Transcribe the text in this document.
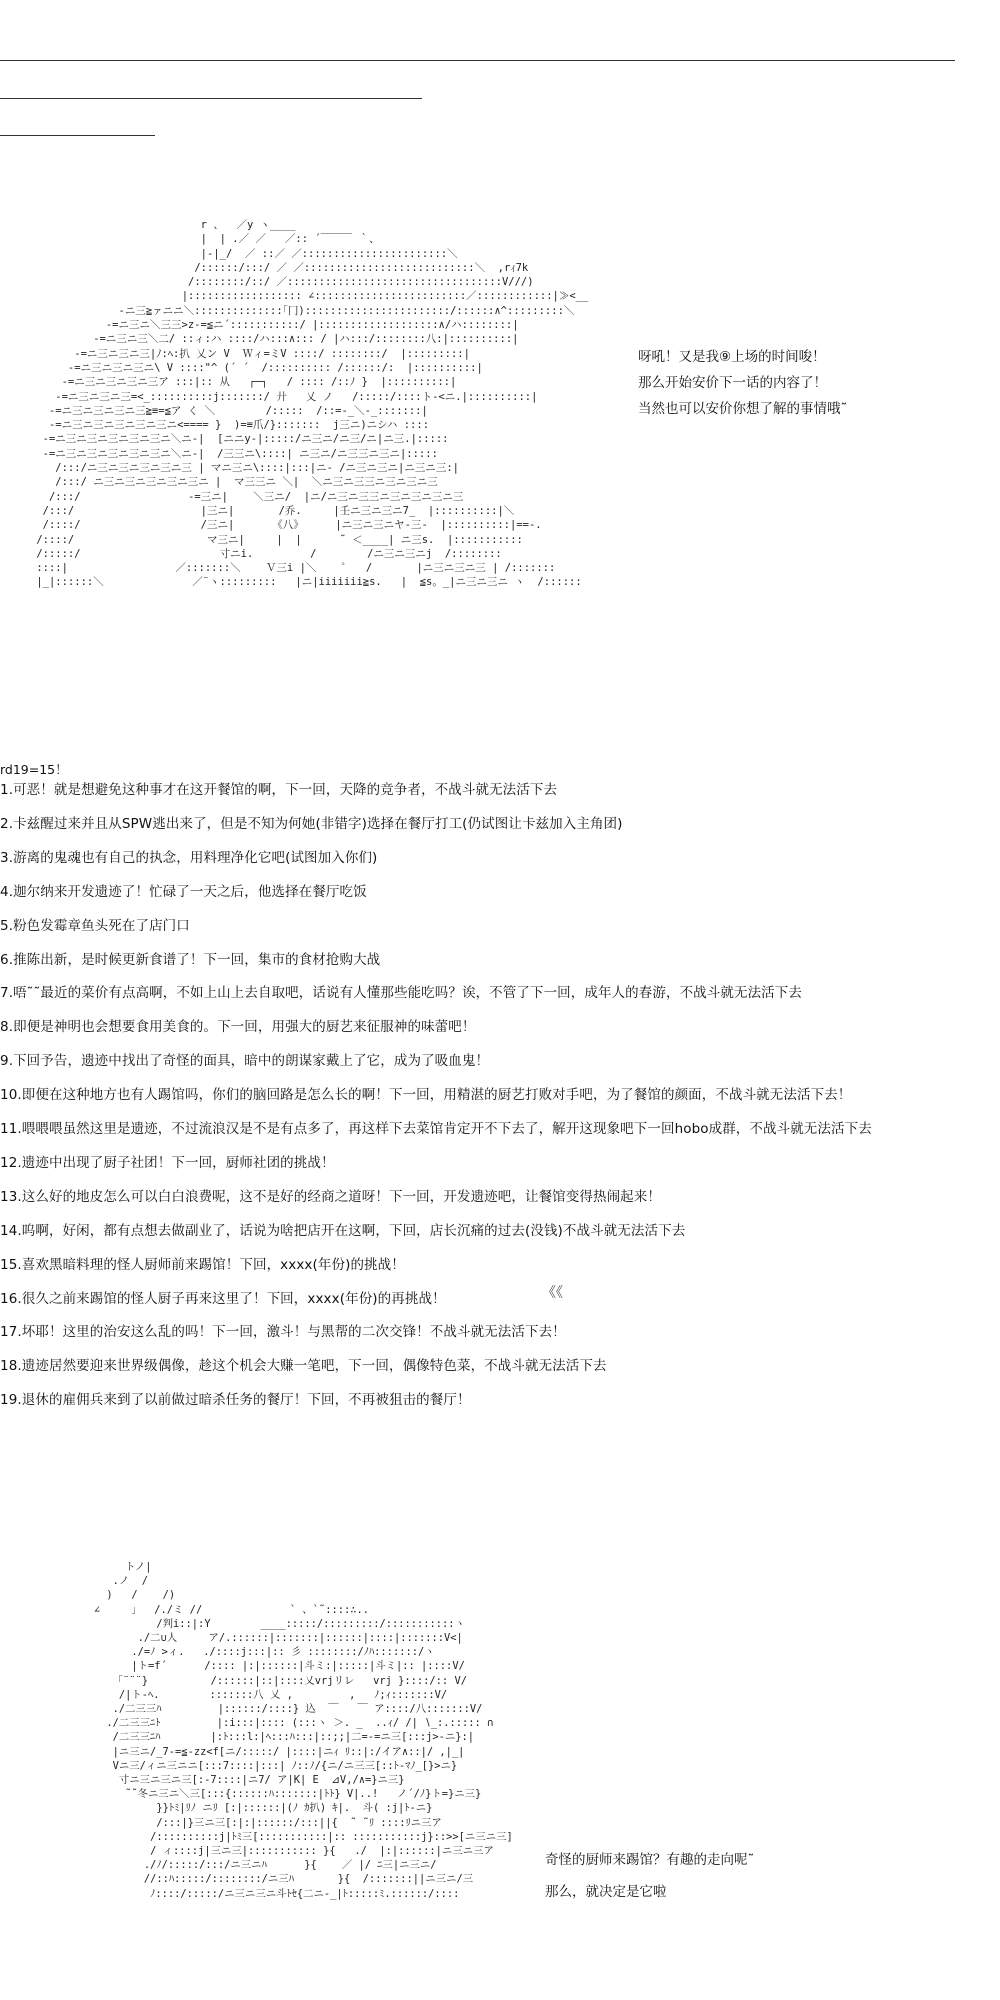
r 、  ／y ヽ____
|  | .／ ／   ／:: ´￣￣￣ ｀、
|-|_/  ／ ::／ ／:::::::::::::::::::::::＼
/::::::/:::/ ／ ／:::::::::::::::::::::::::::＼  ,rｨ7k
/::::::::/::/ ／::::::::::::::::::::::::::::::::::V///)
|:::::::::::::::::: ∠::::::::::::::::::::::::／::::::::::::|≫<__
-ニ三≧ァニニ＼::::::::::::::｢冂):::::::::::::::::::::::/::::::∧^:::::::::＼
-=ニ三ニ＼三三>z-=≦ニ´:::::::::::/ |:::::::::::::::::::∧/ハ::::::::|
-=ニ三ニ三＼二/ ::ィ:ハ ::::/ハ:::∧::: / |ハ:::/::::::::八:|::::::::::|
-=ニ三ニ三ニ三|ﾉ:ﾍ:扒 乂ン V  Ｗィ=ミV ::::/ ::::::::/  |:::::::::|
-=ニ三ニ三ニ三ニ\ V ::::"^ (´ ´  /:::::::::: /::::::/:  |::::::::::|
-=ニ三ニ三ニ三ニ三ア :::|:: 从   ┌─┐   / :::: /::ﾉ }  |::::::::::|
-=ニ三ニ三ニ三=<_::::::::::j:::::::/ 廾   乂 ノ   /:::::/::::ト-<ニ.|::::::::::|
-=ニ三ニ三ニ三ニ三≧≡=≦ア く ＼        /:::::  /::=-_＼-_:::::::|
-=ニ三ニ三ニ三ニ三ニ三ニ<==== }  )=≡爪/}:::::::  j三ニ)ニシハ ::::
-=ニ三ニ三ニ三ニ三ニ三ニ＼ニ-|  [ニニy-|:::::/ニ三ニ/ニ三/ニ|ニ三.|:::::
-=ニ三ニ三ニ三ニ三ニ三ニ＼ニ-|  /三三ニ\::::| ニ三ニ/ニ三三ニ三ニ|:::::
/:::/ニ三ニ三ニ三ニ三ニ三 | マニ三ニ\::::|:::|ニ- /ニ三ニ三ニ|ニ三ニ三:|
/:::/ ニ三ニ三ニ三ニ三ニ三ニ |  マ三三ニ ＼|  ＼ニ三ニ三三ニ三ニ三ニ三
/:::/                 -=三ニ|    ＼三ニ/  |ニ/ニ三ニ三三ニ三ニ三ニ三ニ三
/:::/                    |三ニ|       /乔.     |壬ニ三ニ三ニ7_  |::::::::::|＼
/::::/                   /三ニ|      《八》     |ニ三ニ三ニヤ-三-  |::::::::::|==-.
/::::/                     マ三ニ|     |  |      ˜ ＜____| ニ三s.  |:::::::::::
/:::::/                      寸ニi.         /        /ニ三ニ三ニj  /::::::::
::::|                 ／:::::::＼    Ｖ三i |＼    ﾟ   /       |ニ三ニ三ニ三 | /:::::::
|_|::::::＼              ／¨ヽ:::::::::   |ニ|iiiiiii≧s.   |  ≦s。_|ニ三ニ三ニ ヽ  /::::::

呀吼！又是我⑨上场的时间唆！
那么开始安价下一话的内容了！
当然也可以安价你想了解的事情哦˜
rd19=15！
1.可恶！就是想避免这种事才在这开餐馆的啊，下一回，天降的竞争者，不战斗就无法活下去
2.卡兹醒过来并且从SPW逃出来了，但是不知为何她(非错字)选择在餐厅打工(仍试图让卡兹加入主角团)
3.游离的鬼魂也有自己的执念，用料理净化它吧(试图加入你们)
4.迦尔纳来开发遗迹了！忙碌了一天之后，他选择在餐厅吃饭
5.粉色发霉章鱼头死在了店门口
6.推陈出新，是时候更新食谱了！下一回，集市的食材抢购大战
7.唔˜˜最近的菜价有点高啊，不如上山上去自取吧，话说有人懂那些能吃吗？诶，不管了下一回，成年人的春游，不战斗就无法活下去
8.即便是神明也会想要食用美食的。下一回，用强大的厨艺来征服神的味蕾吧！
9.下回予告，遗迹中找出了奇怪的面具，暗中的朗谋家戴上了它，成为了吸血鬼！
10.即便在这种地方也有人踢馆吗，你们的脑回路是怎么长的啊！下一回，用精湛的厨艺打败对手吧，为了餐馆的颜面，不战斗就无法活下去！
11.喂喂喂虽然这里是遗迹，不过流浪汉是不是有点多了，再这样下去菜馆肯定开不下去了，解开这现象吧下一回hobo成群，不战斗就无法活下去
12.遗迹中出现了厨子社团！下一回，厨师社团的挑战！
13.这么好的地皮怎么可以白白浪费呢，这不是好的经商之道呀！下一回，开发遗迹吧，让餐馆变得热闹起来！
14.呜啊，好闲，都有点想去做副业了，话说为啥把店开在这啊，下回，店长沉痛的过去(没钱)不战斗就无法活下去
15.喜欢黑暗料理的怪人厨师前来踢馆！下回，xxxx(年份)的挑战！
16.很久之前来踢馆的怪人厨子再来这里了！下回，xxxx(年份)的再挑战！
17.坏耶！这里的治安这么乱的吗！下一回，激斗！与黑帮的二次交锋！不战斗就无法活下去！
18.遗迹居然要迎来世界级偶像，趁这个机会大赚一笔吧，下一回，偶像特色菜，不战斗就无法活下去
19.退休的雇佣兵来到了以前做过暗杀任务的餐厅！下回，不再被狙击的餐厅！
《《
トノ|
.ノ  /
)   /    /)
∠     」  /./ミ //              ` 、`˜::::∴..
/判i::|:Y        ____:::::/:::::::::/:::::::::::ヽ
./二∪人     ア/.::::::|:::::::|::::::|::::|:::::::V<|
./=ﾉ >ィ.   ./::::j:::|:: 彡 ::::::::/ﾉﾊ:::::::/ヽ
|ト=f´      /:::: |:|::::::|斗ミ:|:::::|斗ミ|:: |::::V/
「¨¨¨}          /::::::|::|::::乂vrjリレ   vrj }::::/:: V/
/|ト-ﾍ.        :::::::八 乂 ,         ,   ﾉ;ｨ:::::::V/
./二三三ﾊ         |::::::/::::} 込  ￣   ￣ ア::::/八:::::::V/
./二三三ﾆﾄ         |:i:::|:::: (:::ヽ ＞. _  ..ｨ/ /| ∖_:.::::: ∩
/二三三ﾆﾊ        |:ﾄ:::l:|ﾍ:::ﾊ:::|::;;|二=-=ニ三[:::j>-ニ}:|
|ニ三ニ/_7-=≦-zz<f[ニ/:::::/ |::::|ニｨ ﾘ::|:/イア∧::|/ ,|_|
Vニ三/ィニ三ニニ[:::7::::|:::| ﾉ::ﾉ/{ニ/ニ三三[::ﾄ-ﾏﾉ_[}>ニ}
寸ニ三ニ三ニ三[:-7::::|ニ7/ ア|K| E  ⊿V,/∧=}ニ三}
˜˜冬ニ三ニ＼三[:::{::::::ﾊ:::::::|ﾄﾄ} V|..!   ノ´/ﾉ}ト=}ニ三}
}}ﾄﾐ|ﾘﾉ ニﾘ [:|::::::|(ﾉ ｶ扒) ｷ|.  斗( :j|ﾄ-ニ}
/:::|}三ニ三[:|:|::::::/:::||{  ˜ ˜ﾘ ::::ﾘニ三ア
/::::::::::j|ﾄﾐ三[:::::::::::|:: :::::::::::j}::>>[ニ三ニ三]
/ ィ::::j|三ニ三|::::::::::: }{   ./  |:|::::::|ニ三ニ三ア
./ﾉ/:::::/:::/ニ三ニﾊ      }{    ／ |/ ﾆ三|ニ三ニ/
//::ﾊ:::::/::::::::/ニ三ﾊ       }{  /:::::::||ニ三ニ/三
ﾉ::::/:::::/ニ三ニ三ニ斗ﾄｾ{二ニ-_|ﾄ:::::ﾐ.::::::/::::

奇怪的厨师来踢馆？有趣的走向呢˜
那么，就决定是它啦
